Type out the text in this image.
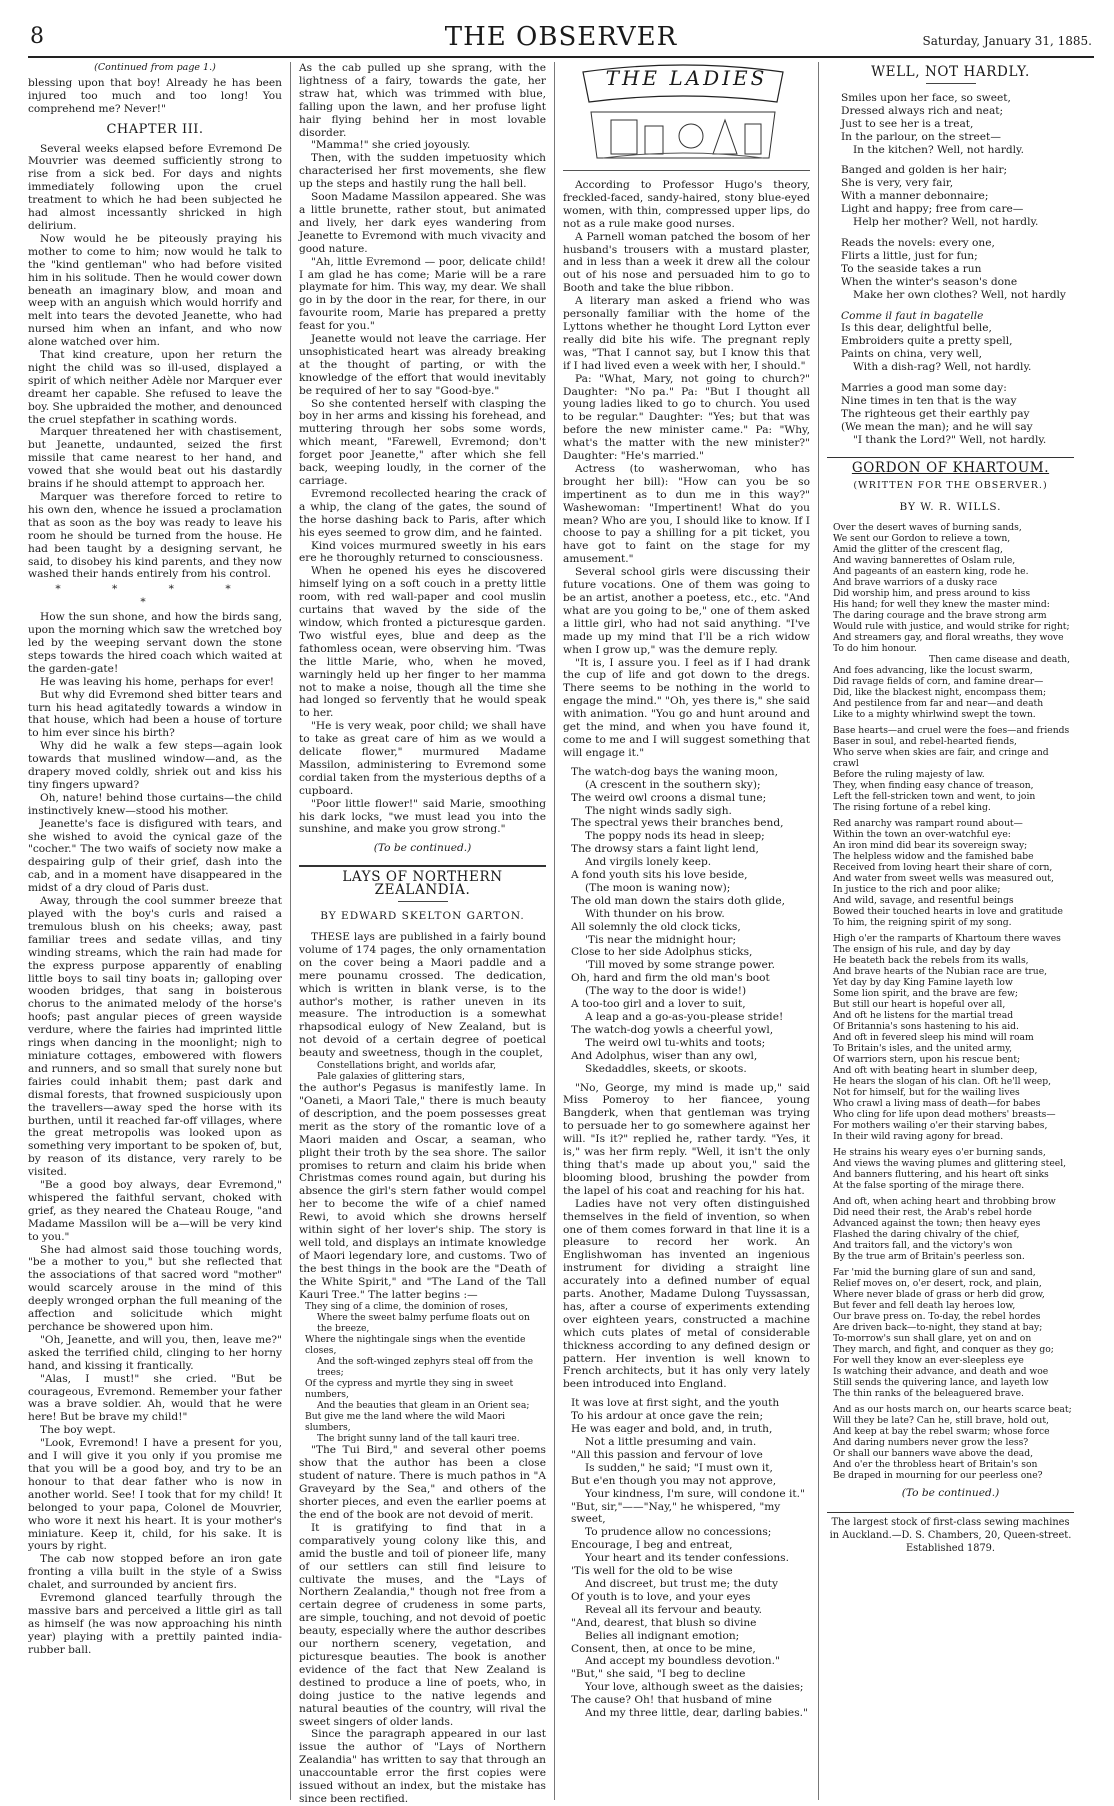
8	THE OBSERVER	Saturday, January 31, 1885.

(Continued from page 1.)

blessing upon that boy! Already he has been injured too much and too long! You comprehend me? Never!"

CHAPTER III.

Several weeks elapsed before Evremond De Mouvrier was deemed sufficiently strong to rise from a sick bed. For days and nights immediately following upon the cruel treatment to which he had been subjected he had almost incessantly shricked in high delirium.

Now would he be piteously praying his mother to come to him; now would he talk to the "kind gentleman" who had before visited him in his solitude. Then he would cower down beneath an imaginary blow, and moan and weep with an anguish which would horrify and melt into tears the devoted Jeanette, who had nursed him when an infant, and who now alone watched over him.

That kind creature, upon her return the night the child was so ill-used, displayed a spirit of which neither Adèle nor Marquer ever dreamt her capable. She refused to leave the boy. She upbraided the mother, and denounced the cruel stepfather in scathing words.

Marquer threatened her with chastisement, but Jeanette, undaunted, seized the first missile that came nearest to her hand, and vowed that she would beat out his dastardly brains if he should attempt to approach her.

Marquer was therefore forced to retire to his own den, whence he issued a proclamation that as soon as the boy was ready to leave his room he should be turned from the house. He had been taught by a designing servant, he said, to disobey his kind parents, and they now washed their hands entirely from his control.

* * * * *

How the sun shone, and how the birds sang, upon the morning which saw the wretched boy led by the weeping servant down the stone steps towards the hired coach which waited at the garden-gate!

He was leaving his home, perhaps for ever!

But why did Evremond shed bitter tears and turn his head agitatedly towards a window in that house, which had been a house of torture to him ever since his birth?

Why did he walk a few steps—again look towards that muslined window—and, as the drapery moved coldly, shriek out and kiss his tiny fingers upward?

Oh, nature! behind those curtains—the child instinctively knew—stood his mother.

Jeanette's face is disfigured with tears, and she wished to avoid the cynical gaze of the "cocher." The two waifs of society now make a despairing gulp of their grief, dash into the cab, and in a moment have disappeared in the midst of a dry cloud of Paris dust.

Away, through the cool summer breeze that played with the boy's curls and raised a tremulous blush on his cheeks; away, past familiar trees and sedate villas, and tiny winding streams, which the rain had made for the express purpose apparently of enabling little boys to sail tiny boats in; galloping over wooden bridges, that sang in boisterous chorus to the animated melody of the horse's hoofs; past angular pieces of green wayside verdure, where the fairies had imprinted little rings when dancing in the moonlight; nigh to miniature cottages, embowered with flowers and runners, and so small that surely none but fairies could inhabit them; past dark and dismal forests, that frowned suspiciously upon the travellers—away sped the horse with its burthen, until it reached far-off villages, where the great metropolis was looked upon as something very important to be spoken of, but, by reason of its distance, very rarely to be visited.

"Be a good boy always, dear Evremond," whispered the faithful servant, choked with grief, as they neared the Chateau Rouge, "and Madame Massilon will be a—will be very kind to you."

She had almost said those touching words, "be a mother to you," but she reflected that the associations of that sacred word "mother" would scarcely arouse in the mind of this deeply wronged orphan the full meaning of the affection and solicitude which might perchance be showered upon him.

"Oh, Jeanette, and will you, then, leave me?" asked the terrified child, clinging to her horny hand, and kissing it frantically.

"Alas, I must!" she cried. "But be courageous, Evremond. Remember your father was a brave soldier. Ah, would that he were here! But be brave my child!"

The boy wept.

"Look, Evremond! I have a present for you, and I will give it you only if you promise me that you will be a good boy, and try to be an honour to that dear father who is now in another world. See! I took that for my child! It belonged to your papa, Colonel de Mouvrier, who wore it next his heart. It is your mother's miniature. Keep it, child, for his sake. It is yours by right.

The cab now stopped before an iron gate fronting a villa built in the style of a Swiss chalet, and surrounded by ancient firs.

Evremond glanced tearfully through the massive bars and perceived a little girl as tall as himself (he was now approaching his ninth year) playing with a prettily painted india-rubber ball.

As the cab pulled up she sprang, with the lightness of a fairy, towards the gate, her straw hat, which was trimmed with blue, falling upon the lawn, and her profuse light hair flying behind her in most lovable disorder.

"Mamma!" she cried joyously.

Then, with the sudden impetuosity which characterised her first movements, she flew up the steps and hastily rung the hall bell.

Soon Madame Massilon appeared. She was a little brunette, rather stout, but animated and lively, her dark eyes wandering from Jeanette to Evremond with much vivacity and good nature.

"Ah, little Evremond — poor, delicate child! I am glad he has come; Marie will be a rare playmate for him. This way, my dear. We shall go in by the door in the rear, for there, in our favourite room, Marie has prepared a pretty feast for you."

Jeanette would not leave the carriage. Her unsophisticated heart was already breaking at the thought of parting, or with the knowledge of the effort that would inevitably be required of her to say "Good-bye."

So she contented herself with clasping the boy in her arms and kissing his forehead, and muttering through her sobs some words, which meant, "Farewell, Evremond; don't forget poor Jeanette," after which she fell back, weeping loudly, in the corner of the carriage.

Evremond recollected hearing the crack of a whip, the clang of the gates, the sound of the horse dashing back to Paris, after which his eyes seemed to grow dim, and he fainted.

Kind voices murmured sweetly in his ears ere he thoroughly returned to consciousness.

When he opened his eyes he discovered himself lying on a soft couch in a pretty little room, with red wall-paper and cool muslin curtains that waved by the side of the window, which fronted a picturesque garden. Two wistful eyes, blue and deep as the fathomless ocean, were observing him. 'Twas the little Marie, who, when he moved, warningly held up her finger to her mamma not to make a noise, though all the time she had longed so fervently that he would speak to her.

"He is very weak, poor child; we shall have to take as great care of him as we would a delicate flower," murmured Madame Massilon, administering to Evremond some cordial taken from the mysterious depths of a cupboard.

"Poor little flower!" said Marie, smoothing his dark locks, "we must lead you into the sunshine, and make you grow strong."

(To be continued.)

LAYS OF NORTHERN ZEALANDIA.

BY EDWARD SKELTON GARTON.

THESE lays are published in a fairly bound volume of 174 pages, the only ornamentation on the cover being a Maori paddle and a mere pounamu crossed. The dedication, which is written in blank verse, is to the author's mother, is rather uneven in its measure. The introduction is a somewhat rhapsodical eulogy of New Zealand, but is not devoid of a certain degree of poetical beauty and sweetness, though in the couplet,

Constellations bright, and worlds afar,
Pale galaxies of glittering stars,

the author's Pegasus is manifestly lame. In "Oaneti, a Maori Tale," there is much beauty of description, and the poem possesses great merit as the story of the romantic love of a Maori maiden and Oscar, a seaman, who plight their troth by the sea shore. The sailor promises to return and claim his bride when Christmas comes round again, but during his absence the girl's stern father would compel her to become the wife of a chief named Rewi, to avoid which she drowns herself within sight of her lover's ship. The story is well told, and displays an intimate knowledge of Maori legendary lore, and customs. Two of the best things in the book are the "Death of the White Spirit," and "The Land of the Tall Kauri Tree." The latter begins :—

They sing of a clime, the dominion of roses,
Where the sweet balmy perfume floats out on the breeze,
Where the nightingale sings when the eventide closes,
And the soft-winged zephyrs steal off from the trees;
Of the cypress and myrtle they sing in sweet numbers,
And the beauties that gleam in an Orient sea;
But give me the land where the wild Maori slumbers,
The bright sunny land of the tall kauri tree.

"The Tui Bird," and several other poems show that the author has been a close student of nature. There is much pathos in "A Graveyard by the Sea," and others of the shorter pieces, and even the earlier poems at the end of the book are not devoid of merit.

It is gratifying to find that in a comparatively young colony like this, and amid the bustle and toil of pioneer life, many of our settlers can still find leisure to cultivate the muses, and the "Lays of Northern Zealandia," though not free from a certain degree of crudeness in some parts, are simple, touching, and not devoid of poetic beauty, especially where the author describes our northern scenery, vegetation, and picturesque beauties. The book is another evidence of the fact that New Zealand is destined to produce a line of poets, who, in doing justice to the native legends and natural beauties of the country, will rival the sweet singers of older lands.

Since the paragraph appeared in our last issue the author of "Lays of Northern Zealandia" has written to say that through an unaccountable error the first copies were issued without an index, but the mistake has since been rectified.

THE LADIES

According to Professor Hugo's theory, freckled-faced, sandy-haired, stony blue-eyed women, with thin, compressed upper lips, do not as a rule make good nurses.

A Parnell woman patched the bosom of her husband's trousers with a mustard plaster, and in less than a week it drew all the colour out of his nose and persuaded him to go to Booth and take the blue ribbon.

A literary man asked a friend who was personally familiar with the home of the Lyttons whether he thought Lord Lytton ever really did bite his wife. The pregnant reply was, "That I cannot say, but I know this that if I had lived even a week with her, I should."

Pa: "What, Mary, not going to church?" Daughter: "No pa." Pa: "But I thought all young ladies liked to go to church. You used to be regular." Daughter: "Yes; but that was before the new minister came." Pa: "Why, what's the matter with the new minister?" Daughter: "He's married."

Actress (to washerwoman, who has brought her bill): "How can you be so impertinent as to dun me in this way?" Washewoman: "Impertinent! What do you mean? Who are you, I should like to know. If I choose to pay a shilling for a pit ticket, you have got to faint on the stage for my amusement."

Several school girls were discussing their future vocations. One of them was going to be an artist, another a poetess, etc., etc. "And what are you going to be," one of them asked a little girl, who had not said anything. "I've made up my mind that I'll be a rich widow when I grow up," was the demure reply.

"It is, I assure you. I feel as if I had drank the cup of life and got down to the dregs. There seems to be nothing in the world to engage the mind." "Oh, yes there is," she said with animation. "You go and hunt around and get the mind, and when you have found it, come to me and I will suggest something that will engage it."

The watch-dog bays the waning moon,
(A crescent in the southern sky);
The weird owl croons a dismal tune;
The night winds sadly sigh.
The spectral yews their branches bend,
The poppy nods its head in sleep;
The drowsy stars a faint light lend,
And virgils lonely keep.
A fond youth sits his love beside,
(The moon is waning now);
The old man down the stairs doth glide,
With thunder on his brow.
All solemnly the old clock ticks,
'Tis near the midnight hour;
Close to her side Adolphus sticks,
'Till moved by some strange power.
Oh, hard and firm the old man's boot
(The way to the door is wide!)
A too-too girl and a lover to suit,
A leap and a go-as-you-please stride!
The watch-dog yowls a cheerful yowl,
The weird owl tu-whits and toots;
And Adolphus, wiser than any owl,
Skedaddles, skeets, or skoots.

"No, George, my mind is made up," said Miss Pomeroy to her fiancee, young Bangderk, when that gentleman was trying to persuade her to go somewhere against her will. "Is it?" replied he, rather tardy. "Yes, it is," was her firm reply. "Well, it isn't the only thing that's made up about you," said the blooming blood, brushing the powder from the lapel of his coat and reaching for his hat.

Ladies have not very often distinguished themselves in the field of invention, so when one of them comes forward in that line it is a pleasure to record her work. An Englishwoman has invented an ingenious instrument for dividing a straight line accurately into a defined number of equal parts. Another, Madame Dulong Tuyssassan, has, after a course of experiments extending over eighteen years, constructed a machine which cuts plates of metal of considerable thickness according to any defined design or pattern. Her invention is well known to French architects, but it has only very lately been introduced into England.

It was love at first sight, and the youth
To his ardour at once gave the rein;
He was eager and bold, and, in truth,
Not a little presuming and vain.
"All this passion and fervour of love
Is sudden," he said; "I must own it,
But e'en though you may not approve,
Your kindness, I'm sure, will condone it."
"But, sir,"——"Nay," he whispered, "my sweet,
To prudence allow no concessions;
Encourage, I beg and entreat,
Your heart and its tender confessions.
'Tis well for the old to be wise
And discreet, but trust me; the duty
Of youth is to love, and your eyes
Reveal all its fervour and beauty.
"And, dearest, that blush so divine
Belies all indignant emotion;
Consent, then, at once to be mine,
And accept my boundless devotion."
"But," she said, "I beg to decline
Your love, although sweet as the daisies;
The cause? Oh! that husband of mine
And my three little, dear, darling babies."

WELL, NOT HARDLY.

Smiles upon her face, so sweet,
Dressed always rich and neat;
Just to see her is a treat,
In the parlour, on the street—
In the kitchen? Well, not hardly.
Banged and golden is her hair;
She is very, very fair,
With a manner debonnaire;
Light and happy; free from care—
Help her mother? Well, not hardly.
Reads the novels: every one,
Flirts a little, just for fun;
To the seaside takes a run
When the winter's season's done
Make her own clothes? Well, not hardly
Comme il faut in bagatelle
Is this dear, delightful belle,
Embroiders quite a pretty spell,
Paints on china, very well,
With a dish-rag? Well, not hardly.
Marries a good man some day:
Nine times in ten that is the way
The righteous get their earthly pay
(We mean the man); and he will say
"I thank the Lord?" Well, not hardly.

GORDON OF KHARTOUM.

(WRITTEN FOR THE OBSERVER.)

BY W. R. WILLS.

Over the desert waves of burning sands,
We sent our Gordon to relieve a town,
Amid the glitter of the crescent flag,
And waving bannerettes of Oslam rule,
And pageants of an eastern king, rode he.
And brave warriors of a dusky race
Did worship him, and press around to kiss
His hand; for well they knew the master mind:
The daring courage and the brave strong arm
Would rule with justice, and would strike for right;
And streamers gay, and floral wreaths, they wove
To do him honour.
Then came disease and death,
And foes advancing, like the locust swarm,
Did ravage fields of corn, and famine drear—
Did, like the blackest night, encompass them;
And pestilence from far and near—and death
Like to a mighty whirlwind swept the town.
Base hearts—and cruel were the foes—and friends
Baser in soul, and rebel-hearted fiends,
Who serve when skies are fair, and cringe and crawl
Before the ruling majesty of law.
They, when finding easy chance of treason,
Left the fell-stricken town and went, to join
The rising fortune of a rebel king.
Red anarchy was rampart round about—
Within the town an over-watchful eye:
An iron mind did bear its sovereign sway;
The helpless widow and the famished babe
Received from loving heart their share of corn,
And water from sweet wells was measured out,
In justice to the rich and poor alike;
And wild, savage, and resentful beings
Bowed their touched hearts in love and gratitude
To him, the reigning spirit of my song.
High o'er the ramparts of Khartoum there waves
The ensign of his rule, and day by day
He beateth back the rebels from its walls,
And brave hearts of the Nubian race are true,
Yet day by day King Famine layeth low
Some lion spirit, and the brave are few;
But still our heart is hopeful over all,
And oft he listens for the martial tread
Of Britannia's sons hastening to his aid.
And oft in fevered sleep his mind will roam
To Britain's isles, and the united army,
Of warriors stern, upon his rescue bent;
And oft with beating heart in slumber deep,
He hears the slogan of his clan. Oft he'll weep,
Not for himself, but for the wailing lives
Who crawl a living mass of death—for babes
Who cling for life upon dead mothers' breasts—
For mothers wailing o'er their starving babes,
In their wild raving agony for bread.
He strains his weary eyes o'er burning sands,
And views the waving plumes and glittering steel,
And banners fluttering, and his heart oft sinks
At the false sporting of the mirage there.
And oft, when aching heart and throbbing brow
Did need their rest, the Arab's rebel horde
Advanced against the town; then heavy eyes
Flashed the daring chivalry of the chief,
And traitors fall, and the victory's won
By the true arm of Britain's peerless son.
Far 'mid the burning glare of sun and sand,
Relief moves on, o'er desert, rock, and plain,
Where never blade of grass or herb did grow,
But fever and fell death lay heroes low,
Our brave press on. To-day, the rebel hordes
Are driven back—to-night, they stand at bay;
To-morrow's sun shall glare, yet on and on
They march, and fight, and conquer as they go;
For well they know an ever-sleepless eye
Is watching their advance, and death and woe
Still sends the quivering lance, and layeth low
The thin ranks of the beleaguered brave.
And as our hosts march on, our hearts scarce beat;
Will they be late? Can he, still brave, hold out,
And keep at bay the rebel swarm; whose force
And daring numbers never grow the less?
Or shall our banners wave above the dead,
And o'er the throbless heart of Britain's son
Be draped in mourning for our peerless one?

(To be continued.)

The largest stock of first-class sewing machines in Auckland.—D. S. Chambers, 20, Queen-street. Established 1879.
